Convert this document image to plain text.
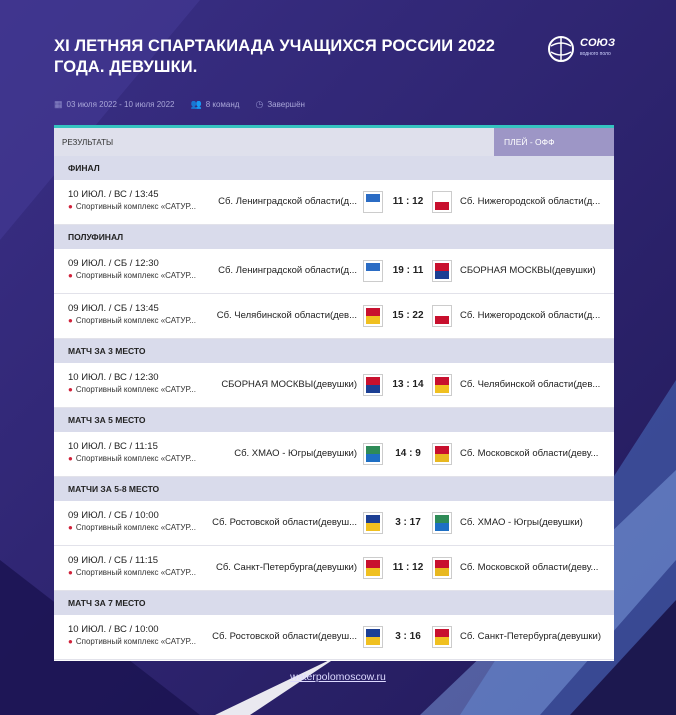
XI ЛЕТНЯЯ СПАРТАКИАДА УЧАЩИХСЯ РОССИИ 2022 ГОДА. ДЕВУШКИ.
СОЮЗ
водного поло
▦ 03 июля 2022 - 10 июля 2022 👥 8 команд ◷ Завершён
РЕЗУЛЬТАТЫ	ПЛЕЙ - ОФФ
ФИНАЛ
10 ИЮЛ. / ВС / 13:45
● Спортивный комплекс «САТУР...	Сб. Ленинградской области(д...	11 : 12	Сб. Нижегородской области(д...
ПОЛУФИНАЛ
09 ИЮЛ. / СБ / 12:30
● Спортивный комплекс «САТУР...	Сб. Ленинградской области(д...	19 : 11	СБОРНАЯ МОСКВЫ(девушки)
09 ИЮЛ. / СБ / 13:45
● Спортивный комплекс «САТУР...	Сб. Челябинской области(дев...	15 : 22	Сб. Нижегородской области(д...
МАТЧ ЗА 3 МЕСТО
10 ИЮЛ. / ВС / 12:30
● Спортивный комплекс «САТУР...	СБОРНАЯ МОСКВЫ(девушки)	13 : 14	Сб. Челябинской области(дев...
МАТЧ ЗА 5 МЕСТО
10 ИЮЛ. / ВС / 11:15
● Спортивный комплекс «САТУР...	Сб. ХМАО - Югры(девушки)	14 : 9	Сб. Московской области(деву...
МАТЧИ ЗА 5-8 МЕСТО
09 ИЮЛ. / СБ / 10:00
● Спортивный комплекс «САТУР...	Сб. Ростовской области(девуш...	3 : 17	Сб. ХМАО - Югры(девушки)
09 ИЮЛ. / СБ / 11:15
● Спортивный комплекс «САТУР...	Сб. Санкт-Петербурга(девушки)	11 : 12	Сб. Московской области(деву...
МАТЧ ЗА 7 МЕСТО
10 ИЮЛ. / ВС / 10:00
● Спортивный комплекс «САТУР...	Сб. Ростовской области(девуш...	3 : 16	Сб. Санкт-Петербурга(девушки)
waterpolomoscow.ru
